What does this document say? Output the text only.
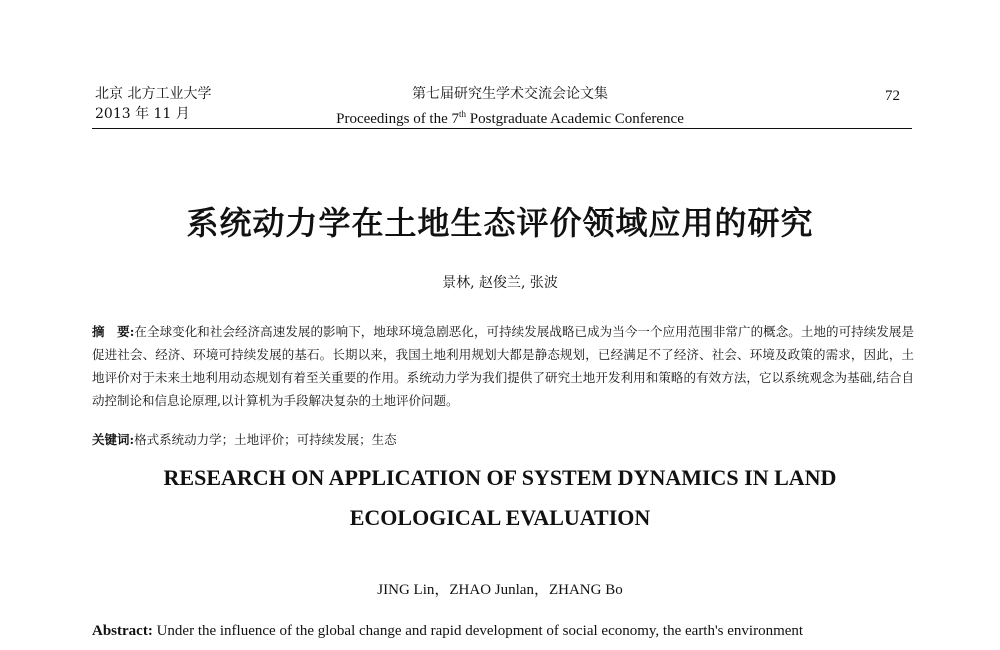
北京 北方工业大学
2013 年 11 月
第七届研究生学术交流会论文集
Proceedings of the 7th Postgraduate Academic Conference
72
系统动力学在土地生态评价领域应用的研究
景林, 赵俊兰, 张波
摘　要:在全球变化和社会经济高速发展的影响下，地球环境急剧恶化，可持续发展战略已成为当今一个应用范围非常广的概念。土地的可持续发展是促进社会、经济、环境可持续发展的基石。长期以来，我国土地利用规划大都是静态规划，已经满足不了经济、社会、环境及政策的需求，因此，土地评价对于未来土地利用动态规划有着至关重要的作用。系统动力学为我们提供了研究土地开发利用和策略的有效方法，它以系统观念为基础,结合自动控制论和信息论原理,以计算机为手段解决复杂的土地评价问题。
关键词:格式系统动力学；土地评价；可持续发展；生态
RESEARCH ON APPLICATION OF SYSTEM DYNAMICS IN LAND
ECOLOGICAL EVALUATION
JING Lin，ZHAO Junlan，ZHANG Bo
Abstract: Under the influence of the global change and rapid development of social economy, the earth's environment
